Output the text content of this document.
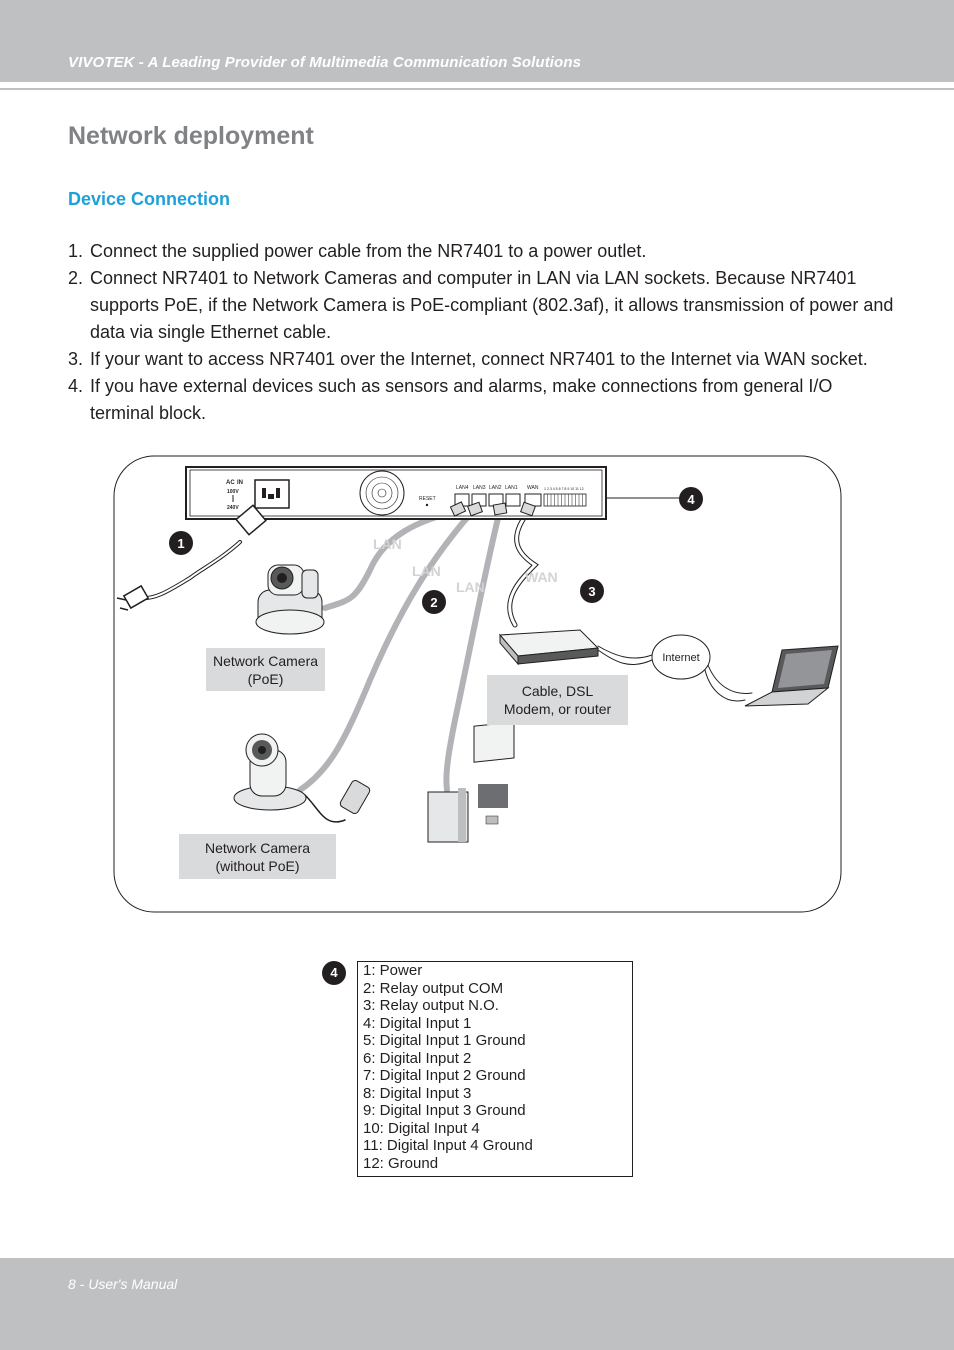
VIVOTEK - A Leading Provider of Multimedia Communication Solutions
Network deployment
Device Connection
1. Connect the supplied power cable from the NR7401 to a power outlet.
2. Connect NR7401 to Network Cameras and computer in LAN via LAN sockets. Because NR7401 supports PoE, if the Network Camera is PoE-compliant (802.3af), it allows transmission of power and data via single Ethernet cable.
3. If your want to access NR7401 over the Internet, connect NR7401 to the Internet via WAN socket.
4. If you have external devices such as sensors and alarms, make connections from general I/O terminal block.
AC IN
100V
240V
RESET
LAN4 LAN3 LAN2 LAN1 WAN 1 2 3 4 5 6 7 8 9 10 11 12
Internet
LAN
LAN
LAN
WAN
1
2
3
4
Network Camera
(PoE)
Cable, DSL
Modem, or router
Network Camera
(without PoE)
4	1: Power
2: Relay output COM
3: Relay output N.O.
4: Digital Input 1
5: Digital Input 1 Ground
6: Digital Input 2
7: Digital Input 2 Ground
8: Digital Input 3
9: Digital Input 3 Ground
10: Digital Input 4
11: Digital Input 4 Ground
12: Ground
8 - User's Manual
